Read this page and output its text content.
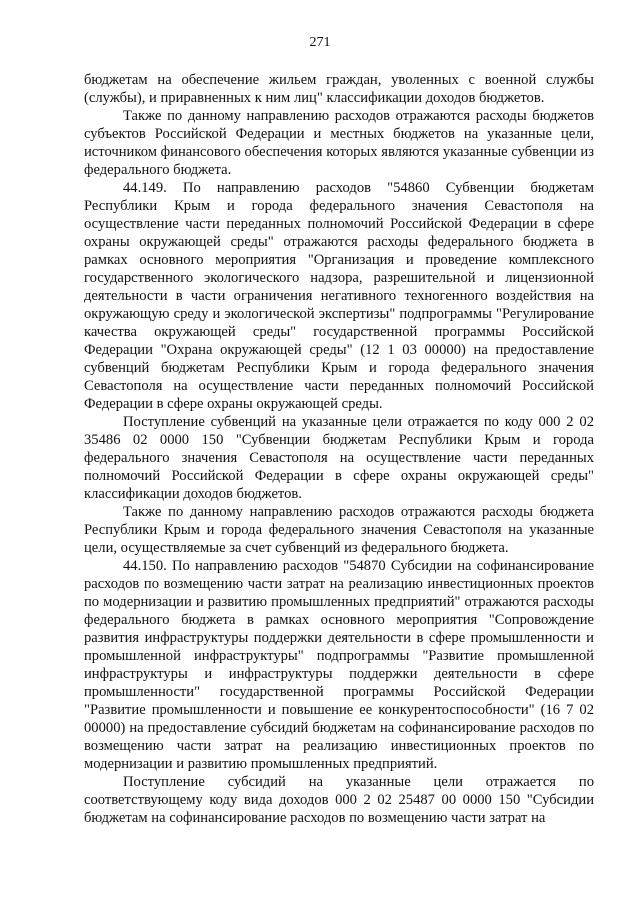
271

бюджетам на обеспечение жильем граждан, уволенных с военной службы (службы), и приравненных к ним лиц" классификации доходов бюджетов.

Также по данному направлению расходов отражаются расходы бюджетов субъектов Российской Федерации и местных бюджетов на указанные цели, источником финансового обеспечения которых являются указанные субвенции из федерального бюджета.

44.149. По направлению расходов "54860 Субвенции бюджетам Республики Крым и города федерального значения Севастополя на осуществление части переданных полномочий Российской Федерации в сфере охраны окружающей среды" отражаются расходы федерального бюджета в рамках основного мероприятия "Организация и проведение комплексного государственного экологического надзора, разрешительной и лицензионной деятельности в части ограничения негативного техногенного воздействия на окружающую среду и экологической экспертизы" подпрограммы "Регулирование качества окружающей среды" государственной программы Российской Федерации "Охрана окружающей среды" (12 1 03 00000) на предоставление субвенций бюджетам Республики Крым и города федерального значения Севастополя на осуществление части переданных полномочий Российской Федерации в сфере охраны окружающей среды.

Поступление субвенций на указанные цели отражается по коду 000 2 02 35486 02 0000 150 "Субвенции бюджетам Республики Крым и города федерального значения Севастополя на осуществление части переданных полномочий Российской Федерации в сфере охраны окружающей среды" классификации доходов бюджетов.

Также по данному направлению расходов отражаются расходы бюджета Республики Крым и города федерального значения Севастополя на указанные цели, осуществляемые за счет субвенций из федерального бюджета.

44.150. По направлению расходов "54870 Субсидии на софинансирование расходов по возмещению части затрат на реализацию инвестиционных проектов по модернизации и развитию промышленных предприятий" отражаются расходы федерального бюджета в рамках основного мероприятия "Сопровождение развития инфраструктуры поддержки деятельности в сфере промышленности и промышленной инфраструктуры" подпрограммы "Развитие промышленной инфраструктуры и инфраструктуры поддержки деятельности в сфере промышленности" государственной программы Российской Федерации "Развитие промышленности и повышение ее конкурентоспособности" (16 7 02 00000) на предоставление субсидий бюджетам на софинансирование расходов по возмещению части затрат на реализацию инвестиционных проектов по модернизации и развитию промышленных предприятий.

Поступление субсидий на указанные цели отражается по соответствующему коду вида доходов 000 2 02 25487 00 0000 150 "Субсидии бюджетам на софинансирование расходов по возмещению части затрат на
